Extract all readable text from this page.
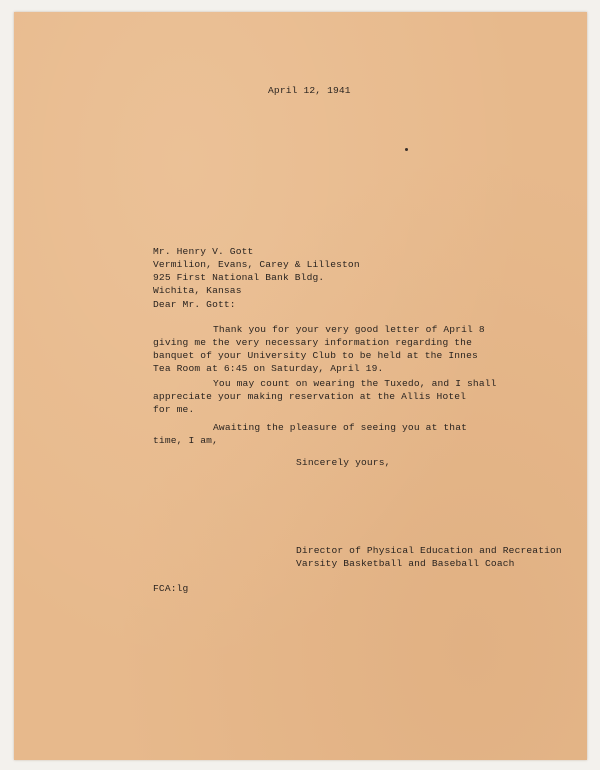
April 12, 1941
Mr. Henry V. Gott
Vermilion, Evans, Carey & Lilleston
925 First National Bank Bldg.
Wichita, Kansas
Dear Mr. Gott:
Thank you for your very good letter of April 8
giving me the very necessary information regarding the
banquet of your University Club to be held at the Innes
Tea Room at 6:45 on Saturday, April 19.
You may count on wearing the Tuxedo, and I shall
appreciate your making reservation at the Allis Hotel
for me.
Awaiting the pleasure of seeing you at that
time, I am,
Sincerely yours,
Director of Physical Education and Recreation
Varsity Basketball and Baseball Coach
FCA:lg
